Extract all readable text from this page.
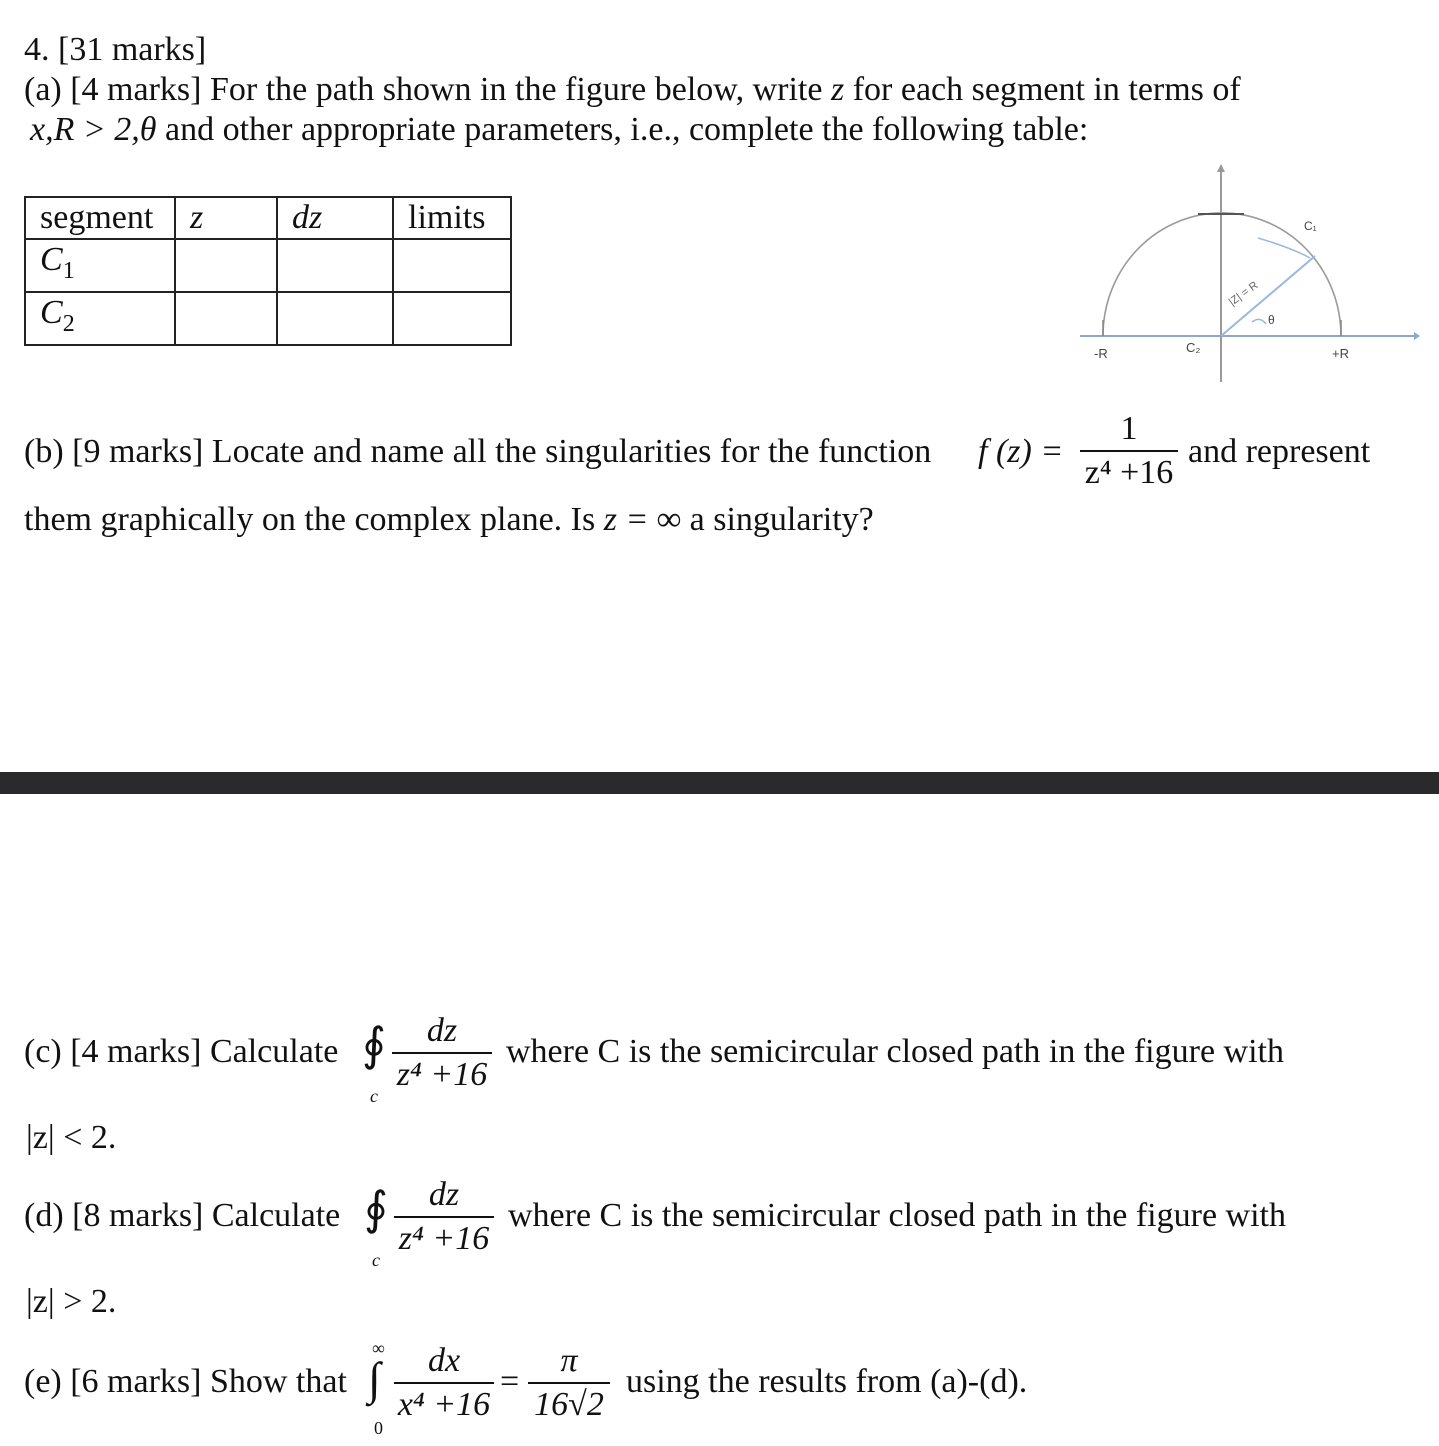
4. [31 marks]
(a) [4 marks] For the path shown in the figure below, write z for each segment in terms of
x,R > 2,θ and other appropriate parameters, i.e., complete the following table:
segment	z	dz	limits
$C_1$			
$C_2$			
-R	+R
C₂
C₁
|Z| = R
θ
(b) [9 marks] Locate and name all the singularities for the function f (z) =
1
z⁴ +16
and represent
them graphically on the complex plane. Is z = ∞ a singularity?
(c) [4 marks] Calculate ∮
c
dz
z⁴ +16
where C is the semicircular closed path in the figure with
|z| < 2.
(d) [8 marks] Calculate ∮
c
dz
z⁴ +16
where C is the semicircular closed path in the figure with
|z| > 2.
(e) [6 marks] Show that
∞
∫
0
dx
x⁴ +16
=
π
16√2
using the results from (a)-(d).
